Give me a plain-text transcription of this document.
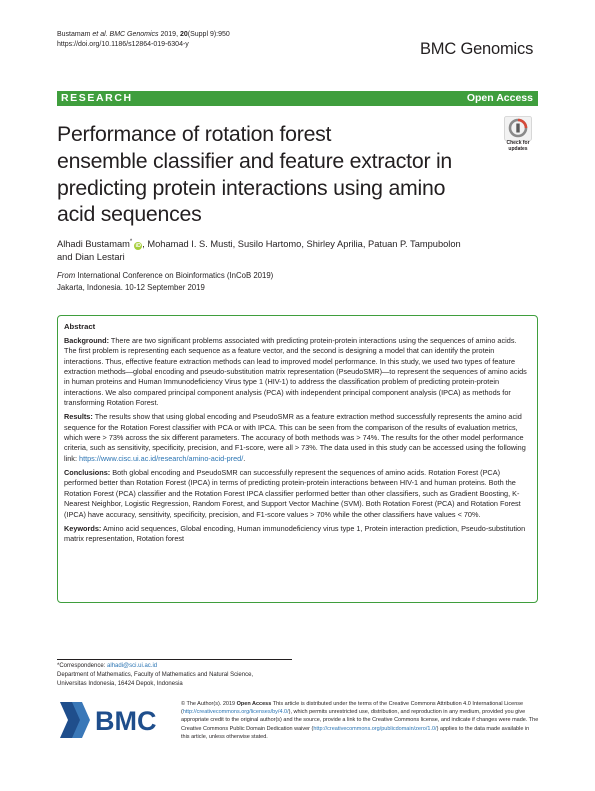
Bustamam et al. BMC Genomics 2019, 20(Suppl 9):950
https://doi.org/10.1186/s12864-019-6304-y	BMC Genomics
RESEARCH	Open Access
Performance of rotation forest
ensemble classifier and feature extractor in
predicting protein interactions using amino
acid sequences
Check for
updates
Alhadi Bustamam*iD, Mohamad I. S. Musti, Susilo Hartomo, Shirley Aprilia, Patuan P. Tampubolon
and Dian Lestari
From International Conference on Bioinformatics (InCoB 2019)
Jakarta, Indonesia. 10-12 September 2019
Abstract

Background: There are two significant problems associated with predicting protein-protein interactions using the sequences of amino acids. The first problem is representing each sequence as a feature vector, and the second is designing a model that can identify the protein interactions. Thus, effective feature extraction methods can lead to improved model performance. In this study, we used two types of feature extraction methods—global encoding and pseudo-substitution matrix representation (PseudoSMR)—to represent the sequences of amino acids in human proteins and Human Immunodeficiency Virus type 1 (HIV-1) to address the classification problem of predicting protein-protein interactions. We also compared principal component analysis (PCA) with independent principal component analysis (IPCA) as methods for transforming Rotation Forest.

Results: The results show that using global encoding and PseudoSMR as a feature extraction method successfully represents the amino acid sequence for the Rotation Forest classifier with PCA or with IPCA. This can be seen from the comparison of the results of evaluation metrics, which were > 73% across the six different parameters. The accuracy of both methods was > 74%. The results for the other model performance criteria, such as sensitivity, specificity, precision, and F1-score, were all > 73%. The data used in this study can be accessed using the following link: https://www.cisc.ui.ac.id/research/amino-acid-pred/.

Conclusions: Both global encoding and PseudoSMR can successfully represent the sequences of amino acids. Rotation Forest (PCA) performed better than Rotation Forest (IPCA) in terms of predicting protein-protein interactions between HIV-1 and human proteins. Both the Rotation Forest (PCA) classifier and the Rotation Forest IPCA classifier performed better than other classifiers, such as Gradient Boosting, K-Nearest Neighbor, Logistic Regression, Random Forest, and Support Vector Machine (SVM). Both Rotation Forest (PCA) and Rotation Forest (IPCA) have accuracy, sensitivity, specificity, precision, and F1-score values > 70% while the other classifiers have values < 70%.

Keywords: Amino acid sequences, Global encoding, Human immunodeficiency virus type 1, Protein interaction prediction, Pseudo-substitution matrix representation, Rotation forest

*Correspondence: alhadi@sci.ui.ac.id
Department of Mathematics, Faculty of Mathematics and Natural Science,
Universitas Indonesia, 16424 Depok, Indonesia
BMC
© The Author(s). 2019 Open Access This article is distributed under the terms of the Creative Commons Attribution 4.0 International License (http://creativecommons.org/licenses/by/4.0/), which permits unrestricted use, distribution, and reproduction in any medium, provided you give appropriate credit to the original author(s) and the source, provide a link to the Creative Commons license, and indicate if changes were made. The Creative Commons Public Domain Dedication waiver (http://creativecommons.org/publicdomain/zero/1.0/) applies to the data made available in this article, unless otherwise stated.
